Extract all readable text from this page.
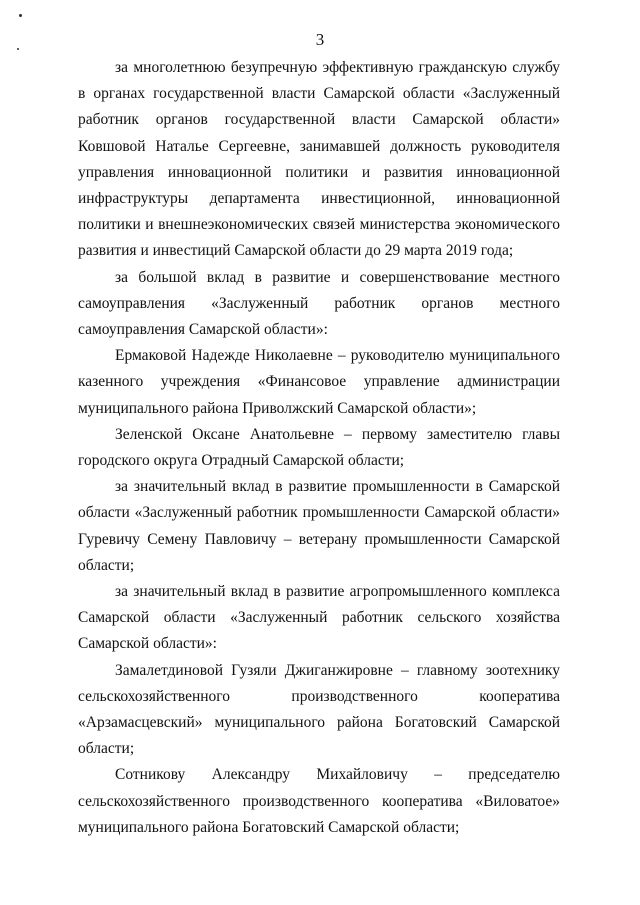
3

за многолетнюю безупречную эффективную гражданскую службу в органах государственной власти Самарской области «Заслуженный работник органов государственной власти Самарской области» Ковшовой Наталье Сергеевне, занимавшей должность руководителя управления инновационной политики и развития инновационной инфраструктуры департамента инвестиционной, инновационной политики и внешнеэкономических связей министерства экономического развития и инвестиций Самарской области до 29 марта 2019 года;

за большой вклад в развитие и совершенствование местного самоуправления «Заслуженный работник органов местного самоуправления Самарской области»:

Ермаковой Надежде Николаевне – руководителю муниципального казенного учреждения «Финансовое управление администрации муниципального района Приволжский Самарской области»;

Зеленской Оксане Анатольевне – первому заместителю главы городского округа Отрадный Самарской области;

за значительный вклад в развитие промышленности в Самарской области «Заслуженный работник промышленности Самарской области» Гуревичу Семену Павловичу – ветерану промышленности Самарской области;

за значительный вклад в развитие агропромышленного комплекса Самарской области «Заслуженный работник сельского хозяйства Самарской области»:

Замалетдиновой Гузяли Джиганжировне – главному зоотехнику сельскохозяйственного производственного кооператива «Арзамасцевский» муниципального района Богатовский Самарской области;

Сотникову Александру Михайловичу – председателю сельскохозяйственного производственного кооператива «Виловатое» муниципального района Богатовский Самарской области;
